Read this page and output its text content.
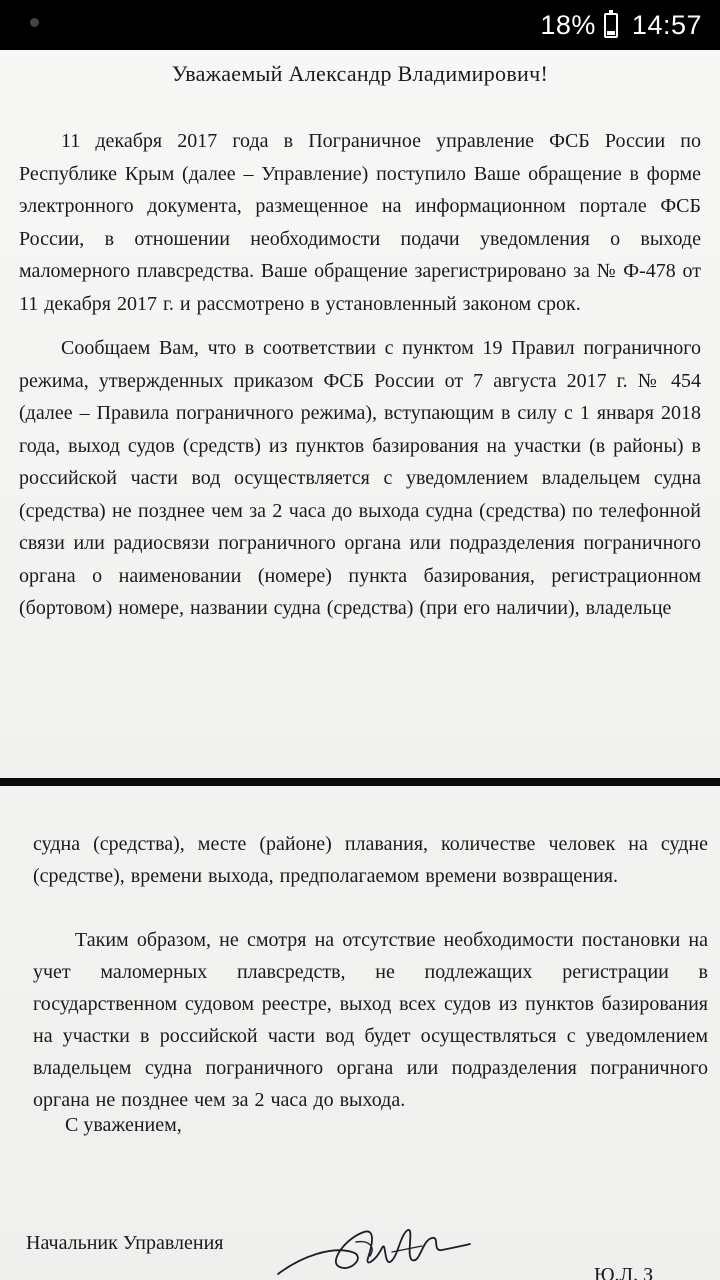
18% 14:57
Уважаемый Александр Владимирович!
11 декабря 2017 года в Пограничное управление ФСБ России по Республике Крым (далее – Управление) поступило Ваше обращение в форме электронного документа, размещенное на информационном портале ФСБ России, в отношении необходимости подачи уведомления о выходе маломерного плавсредства. Ваше обращение зарегистрировано за № Ф-478 от 11 декабря 2017 г. и рассмотрено в установленный законом срок.
Сообщаем Вам, что в соответствии с пунктом 19 Правил пограничного режима, утвержденных приказом ФСБ России от 7 августа 2017 г. № 454 (далее – Правила пограничного режима), вступающим в силу с 1 января 2018 года, выход судов (средств) из пунктов базирования на участки (в районы) в российской части вод осуществляется с уведомлением владельцем судна (средства) не позднее чем за 2 часа до выхода судна (средства) по телефонной связи или радиосвязи пограничного органа или подразделения пограничного органа о наименовании (номере) пункта базирования, регистрационном (бортовом) номере, названии судна (средства) (при его наличии), владельце
судна (средства), месте (районе) плавания, количестве человек на судне (средстве), времени выхода, предполагаемом времени возвращения.
Таким образом, не смотря на отсутствие необходимости постановки на учет маломерных плавсредств, не подлежащих регистрации в государственном судовом реестре, выход всех судов из пунктов базирования на участки в российской части вод будет осуществляться с уведомлением владельцем судна пограничного органа или подразделения пограничного органа не позднее чем за 2 часа до выхода.
С уважением,
Начальник Управления
Ю.Л. З
